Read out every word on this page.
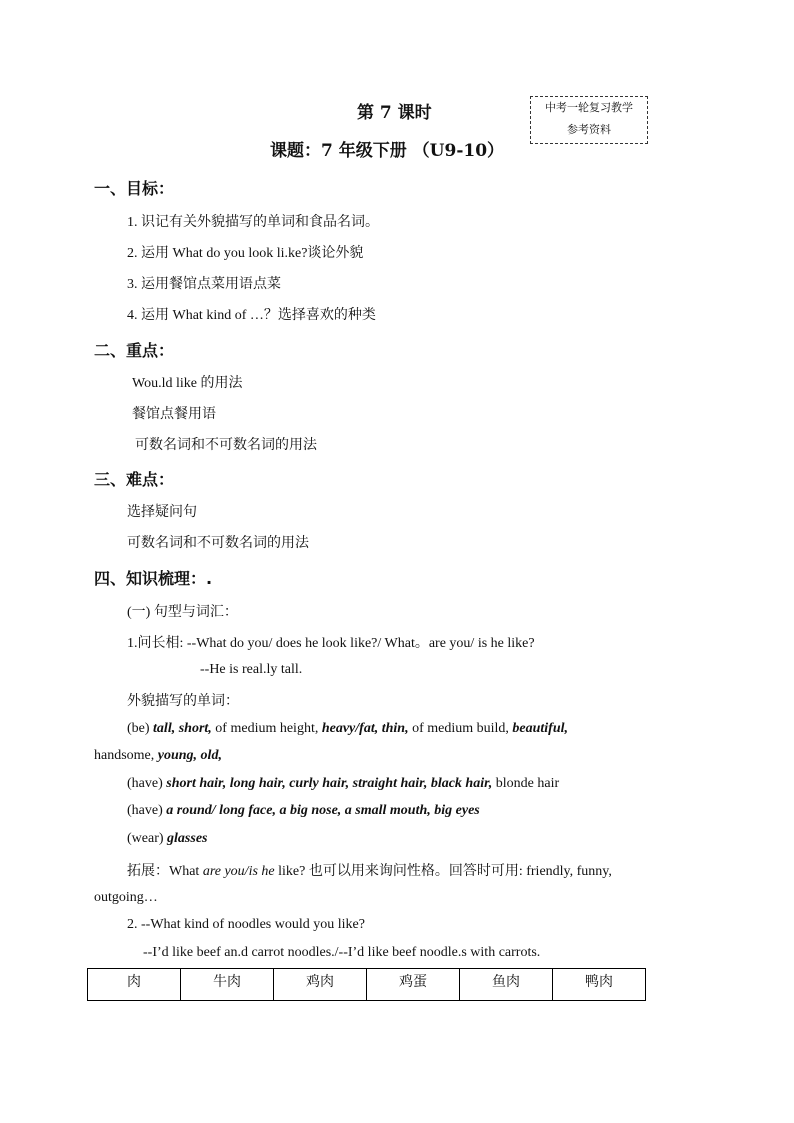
第 7 课时
课题：7 年级下册 （U9-10）
中考一轮复习教学
参考资料
一、目标：
1. 识记有关外貌描写的单词和食品名词。
2. 运用 What do you look li.ke?谈论外貌
3. 运用餐馆点菜用语点菜
4. 运用 What kind of …？选择喜欢的种类
二、重点：
Wou.ld like 的用法
餐馆点餐用语
可数名词和不可数名词的用法
三、难点：
选择疑问句
可数名词和不可数名词的用法
四、知识梳理：.
(一) 句型与词汇：
1.问长相: --What do you/ does he look like?/ What。are you/ is he like?
--He is real.ly tall.
外貌描写的单词：
(be) tall, short, of medium height, heavy/fat, thin, of medium build, beautiful,
handsome, young, old,
(have) short hair, long hair, curly hair, straight hair, black hair, blonde hair
(have) a round/ long face, a big nose, a small mouth, big eyes
(wear) glasses
拓展：What are you/is he like? 也可以用来询问性格。回答时可用: friendly, funny,
outgoing…
2. --What kind of noodles would you like?
--I’d like beef an.d carrot noodles./--I’d like beef noodle.s with carrots.
肉	牛肉	鸡肉	鸡蛋	鱼肉	鸭肉
